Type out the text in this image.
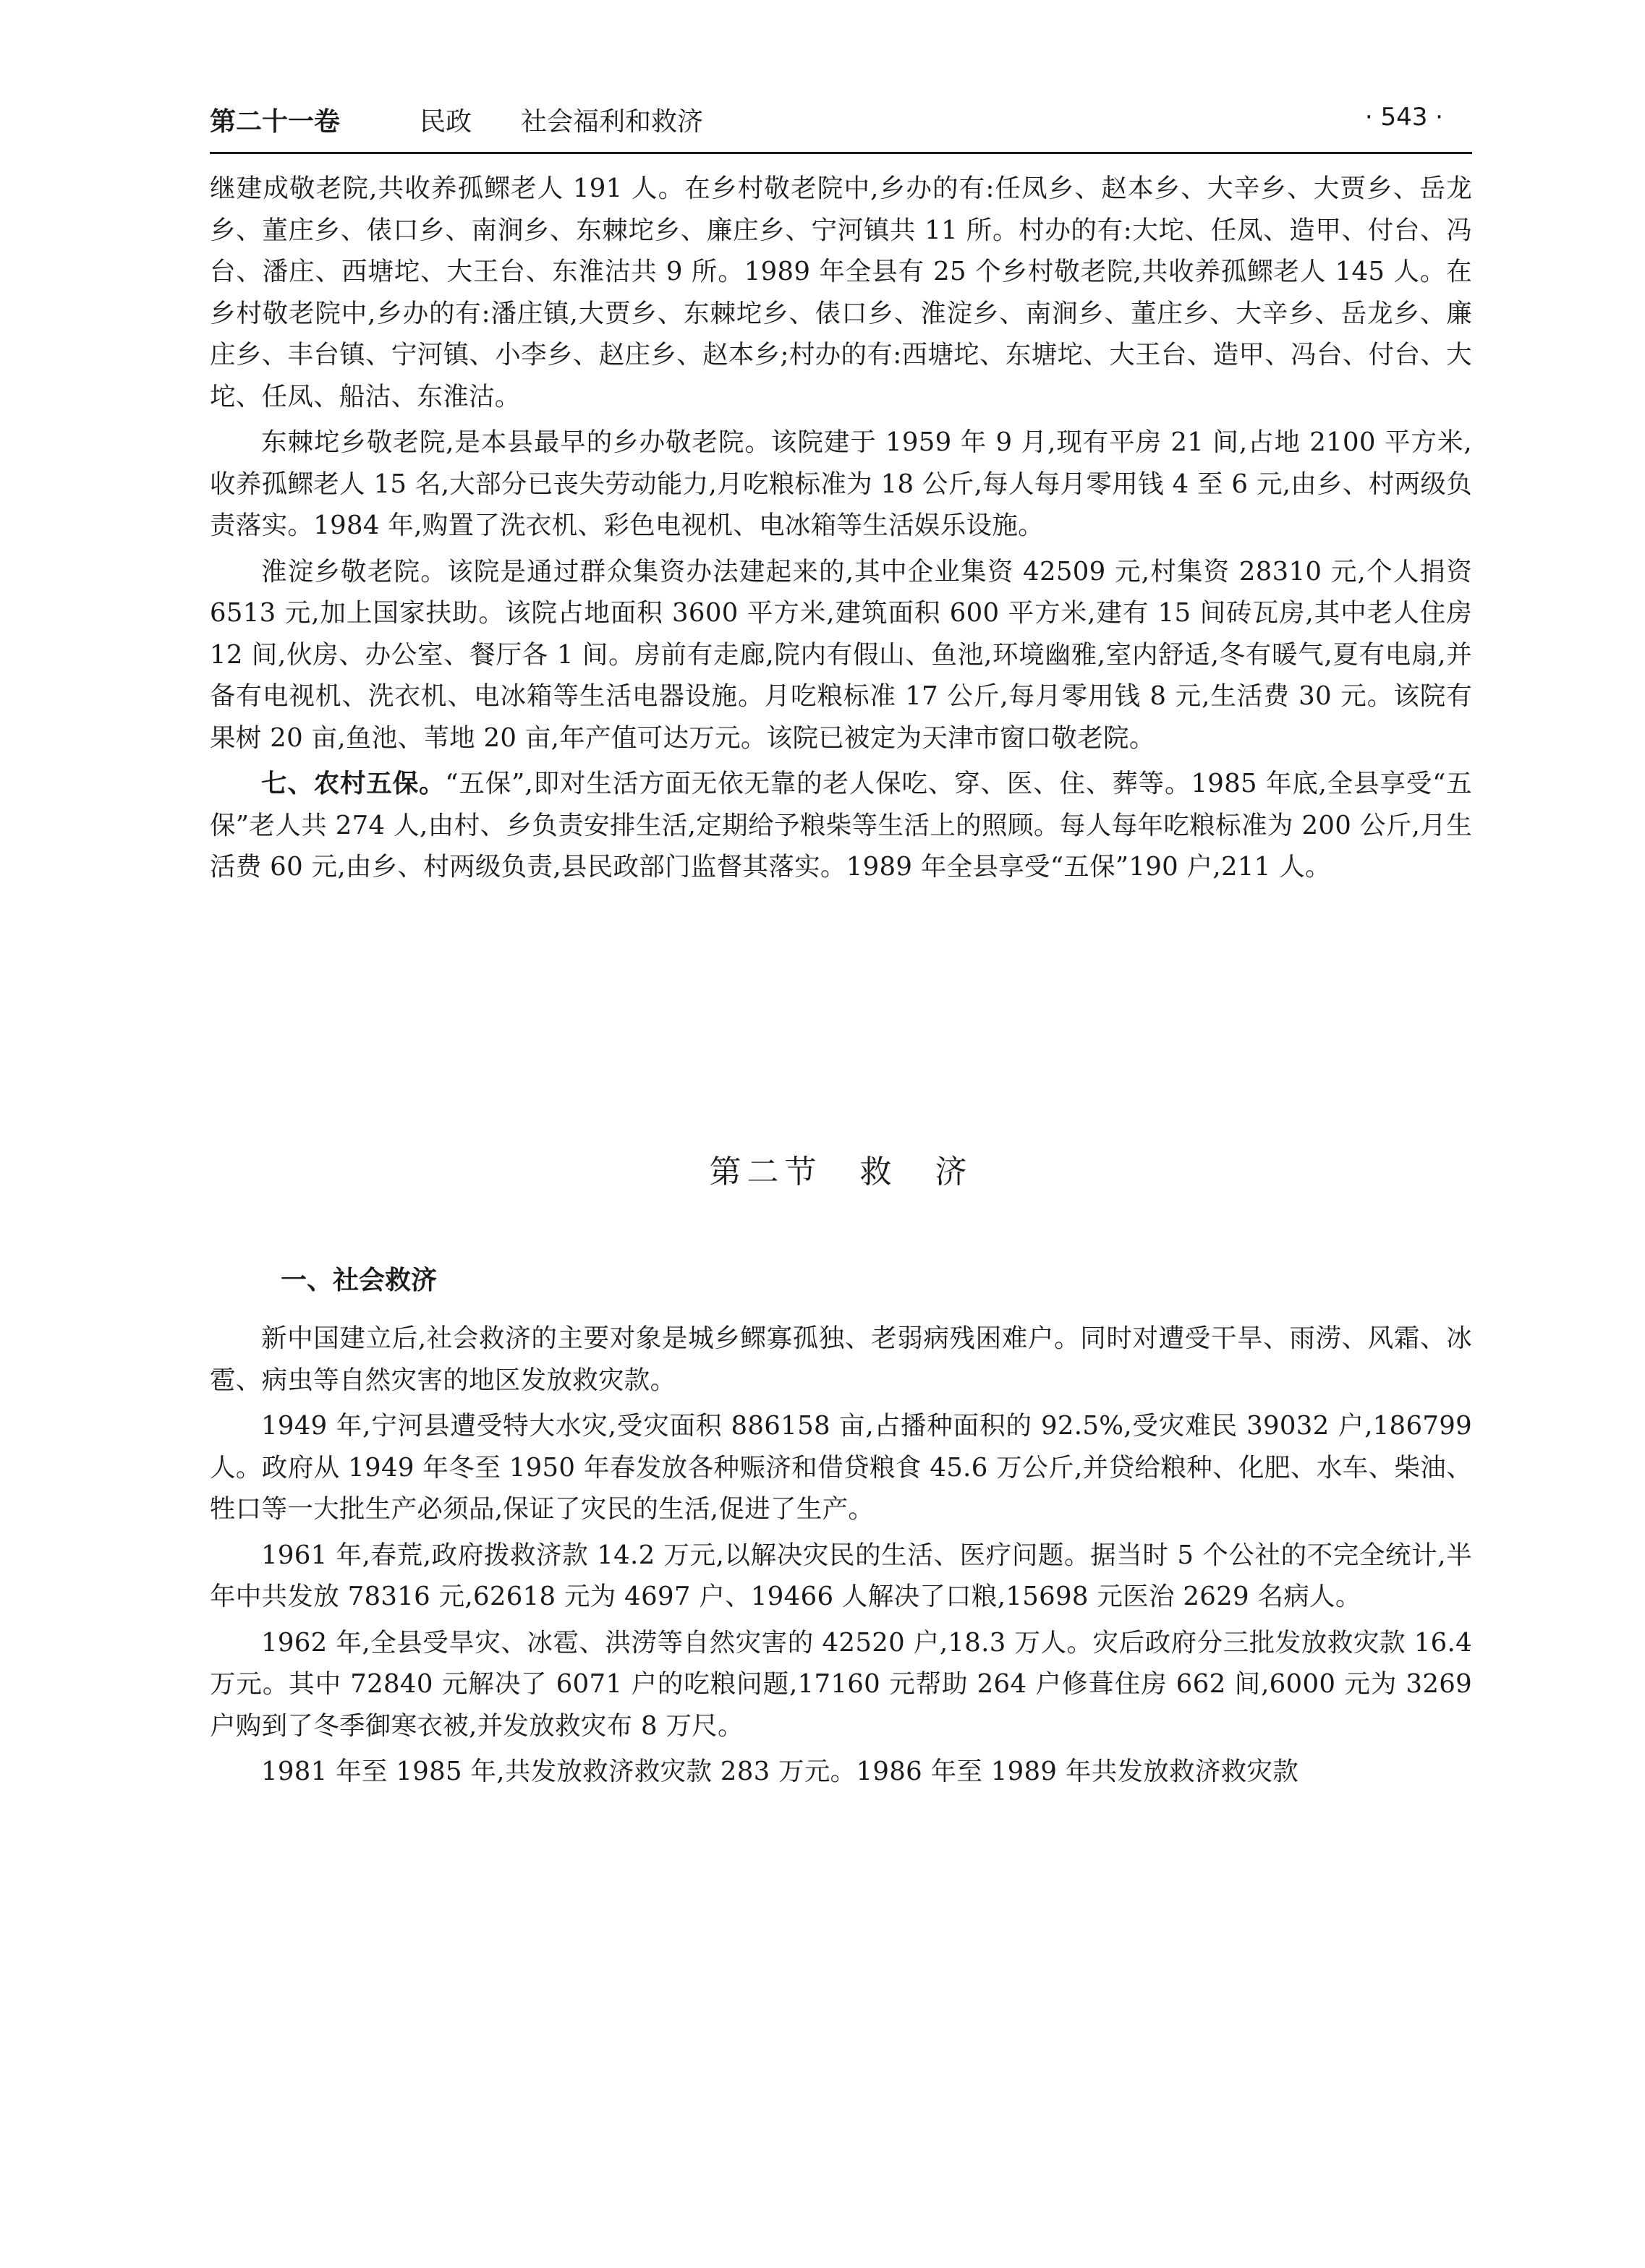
第二十一卷	民政 社会福利和救济	· 543 ·

继建成敬老院,共收养孤鳏老人 191 人。在乡村敬老院中,乡办的有:任凤乡、赵本乡、大辛乡、大贾乡、岳龙乡、董庄乡、俵口乡、南涧乡、东棘坨乡、廉庄乡、宁河镇共 11 所。村办的有:大坨、任凤、造甲、付台、冯台、潘庄、西塘坨、大王台、东淮沽共 9 所。1989 年全县有 25 个乡村敬老院,共收养孤鳏老人 145 人。在乡村敬老院中,乡办的有:潘庄镇,大贾乡、东棘坨乡、俵口乡、淮淀乡、南涧乡、董庄乡、大辛乡、岳龙乡、廉庄乡、丰台镇、宁河镇、小李乡、赵庄乡、赵本乡;村办的有:西塘坨、东塘坨、大王台、造甲、冯台、付台、大坨、任凤、船沽、东淮沽。

东棘坨乡敬老院,是本县最早的乡办敬老院。该院建于 1959 年 9 月,现有平房 21 间,占地 2100 平方米,收养孤鳏老人 15 名,大部分已丧失劳动能力,月吃粮标准为 18 公斤,每人每月零用钱 4 至 6 元,由乡、村两级负责落实。1984 年,购置了洗衣机、彩色电视机、电冰箱等生活娱乐设施。

淮淀乡敬老院。该院是通过群众集资办法建起来的,其中企业集资 42509 元,村集资 28310 元,个人捐资 6513 元,加上国家扶助。该院占地面积 3600 平方米,建筑面积 600 平方米,建有 15 间砖瓦房,其中老人住房 12 间,伙房、办公室、餐厅各 1 间。房前有走廊,院内有假山、鱼池,环境幽雅,室内舒适,冬有暖气,夏有电扇,并备有电视机、洗衣机、电冰箱等生活电器设施。月吃粮标准 17 公斤,每月零用钱 8 元,生活费 30 元。该院有果树 20 亩,鱼池、苇地 20 亩,年产值可达万元。该院已被定为天津市窗口敬老院。

七、农村五保。“五保”,即对生活方面无依无靠的老人保吃、穿、医、住、葬等。1985 年底,全县享受“五保”老人共 274 人,由村、乡负责安排生活,定期给予粮柴等生活上的照顾。每人每年吃粮标准为 200 公斤,月生活费 60 元,由乡、村两级负责,县民政部门监督其落实。1989 年全县享受“五保”190 户,211 人。

第二节　救　济
一、社会救济

新中国建立后,社会救济的主要对象是城乡鳏寡孤独、老弱病残困难户。同时对遭受干旱、雨涝、风霜、冰雹、病虫等自然灾害的地区发放救灾款。

1949 年,宁河县遭受特大水灾,受灾面积 886158 亩,占播种面积的 92.5%,受灾难民 39032 户,186799 人。政府从 1949 年冬至 1950 年春发放各种赈济和借贷粮食 45.6 万公斤,并贷给粮种、化肥、水车、柴油、牲口等一大批生产必须品,保证了灾民的生活,促进了生产。

1961 年,春荒,政府拨救济款 14.2 万元,以解决灾民的生活、医疗问题。据当时 5 个公社的不完全统计,半年中共发放 78316 元,62618 元为 4697 户、19466 人解决了口粮,15698 元医治 2629 名病人。

1962 年,全县受旱灾、冰雹、洪涝等自然灾害的 42520 户,18.3 万人。灾后政府分三批发放救灾款 16.4 万元。其中 72840 元解决了 6071 户的吃粮问题,17160 元帮助 264 户修葺住房 662 间,6000 元为 3269 户购到了冬季御寒衣被,并发放救灾布 8 万尺。

1981 年至 1985 年,共发放救济救灾款 283 万元。1986 年至 1989 年共发放救济救灾款
